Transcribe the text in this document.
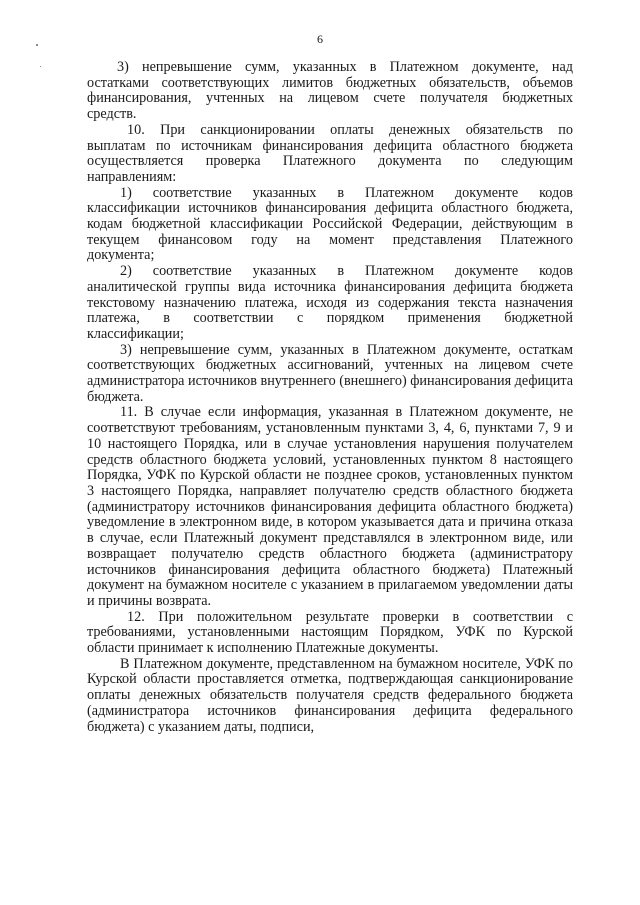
6

3) непревышение сумм, указанных в Платежном документе, над остатками соответствующих лимитов бюджетных обязательств, объемов финансирования, учтенных на лицевом счете получателя бюджетных средств.

10. При санкционировании оплаты денежных обязательств по выплатам по источникам финансирования дефицита областного бюджета осуществляется проверка Платежного документа по следующим направлениям:

1) соответствие указанных в Платежном документе кодов классификации источников финансирования дефицита областного бюджета, кодам бюджетной классификации Российской Федерации, действующим в текущем финансовом году на момент представления Платежного документа;

2) соответствие указанных в Платежном документе кодов аналитической группы вида источника финансирования дефицита бюджета текстовому назначению платежа, исходя из содержания текста назначения платежа, в соответствии с порядком применения бюджетной классификации;

3) непревышение сумм, указанных в Платежном документе, остаткам соответствующих бюджетных ассигнований, учтенных на лицевом счете администратора источников внутреннего (внешнего) финансирования дефицита бюджета.

11. В случае если информация, указанная в Платежном документе, не соответствуют требованиям, установленным пунктами 3, 4, 6, пунктами 7, 9 и 10 настоящего Порядка, или в случае установления нарушения получателем средств областного бюджета условий, установленных пунктом 8 настоящего Порядка, УФК по Курской области не позднее сроков, установленных пунктом 3 настоящего Порядка, направляет получателю средств областного бюджета (администратору источников финансирования дефицита областного бюджета) уведомление в электронном виде, в котором указывается дата и причина отказа в случае, если Платежный документ представлялся в электронном виде, или возвращает получателю средств областного бюджета (администратору источников финансирования дефицита областного бюджета) Платежный документ на бумажном носителе с указанием в прилагаемом уведомлении даты и причины возврата.

12. При положительном результате проверки в соответствии с требованиями, установленными настоящим Порядком, УФК по Курской области принимает к исполнению Платежные документы.

В Платежном документе, представленном на бумажном носителе, УФК по Курской области проставляется отметка, подтверждающая санкционирование оплаты денежных обязательств получателя средств федерального бюджета (администратора источников финансирования дефицита федерального бюджета) с указанием даты, подписи,
